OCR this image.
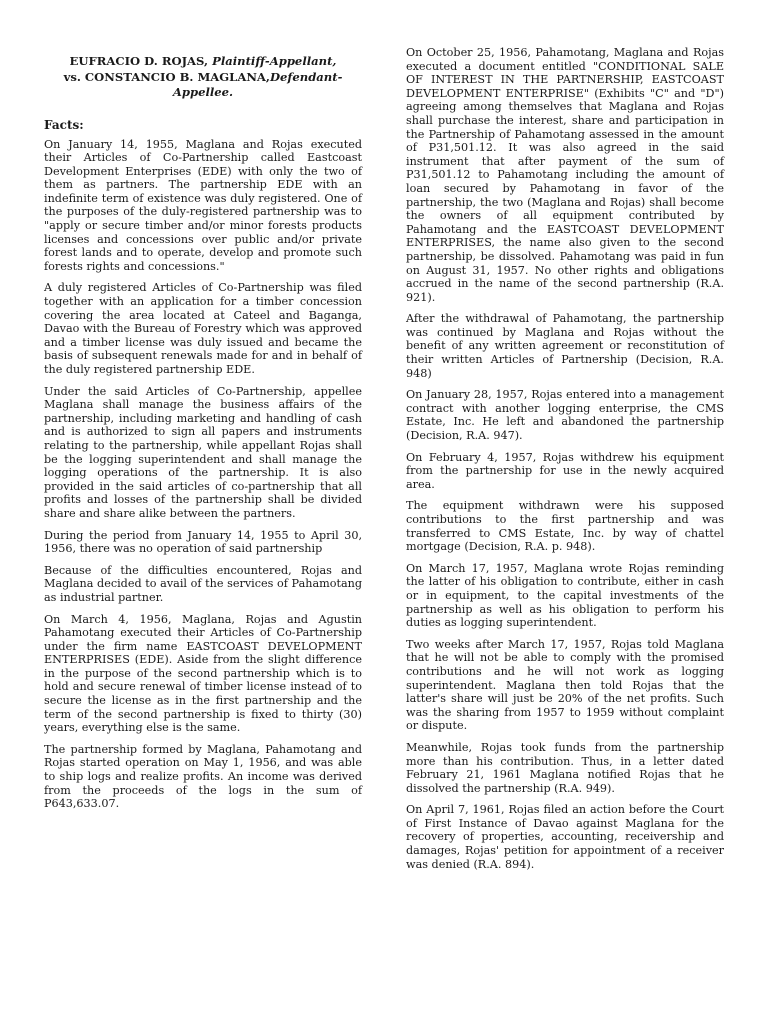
EUFRACIO D. ROJAS, Plaintiff-Appellant,
vs. CONSTANCIO B. MAGLANA,Defendant-Appellee.
Facts:

On January 14, 1955, Maglana and Rojas executed their Articles of Co-Partnership called Eastcoast Development Enterprises (EDE) with only the two of them as partners. The partnership EDE with an indefinite term of existence was duly registered. One of the purposes of the duly-registered partnership was to "apply or secure timber and/or minor forests products licenses and concessions over public and/or private forest lands and to operate, develop and promote such forests rights and concessions."

A duly registered Articles of Co-Partnership was filed together with an application for a timber concession covering the area located at Cateel and Baganga, Davao with the Bureau of Forestry which was approved and a timber license was duly issued and became the basis of subsequent renewals made for and in behalf of the duly registered partnership EDE.

Under the said Articles of Co-Partnership, appellee Maglana shall manage the business affairs of the partnership, including marketing and handling of cash and is authorized to sign all papers and instruments relating to the partnership, while appellant Rojas shall be the logging superintendent and shall manage the logging operations of the partnership. It is also provided in the said articles of co-partnership that all profits and losses of the partnership shall be divided share and share alike between the partners.

During the period from January 14, 1955 to April 30, 1956, there was no operation of said partnership

Because of the difficulties encountered, Rojas and Maglana decided to avail of the services of Pahamotang as industrial partner.

On March 4, 1956, Maglana, Rojas and Agustin Pahamotang executed their Articles of Co-Partnership under the firm name EASTCOAST DEVELOPMENT ENTERPRISES (EDE). Aside from the slight difference in the purpose of the second partnership which is to hold and secure renewal of timber license instead of to secure the license as in the first partnership and the term of the second partnership is fixed to thirty (30) years, everything else is the same.

The partnership formed by Maglana, Pahamotang and Rojas started operation on May 1, 1956, and was able to ship logs and realize profits. An income was derived from the proceeds of the logs in the sum of P643,633.07.

On October 25, 1956, Pahamotang, Maglana and Rojas executed a document entitled "CONDITIONAL SALE OF INTEREST IN THE PARTNERSHIP, EASTCOAST DEVELOPMENT ENTERPRISE" (Exhibits "C" and "D") agreeing among themselves that Maglana and Rojas shall purchase the interest, share and participation in the Partnership of Pahamotang assessed in the amount of P31,501.12. It was also agreed in the said instrument that after payment of the sum of P31,501.12 to Pahamotang including the amount of loan secured by Pahamotang in favor of the partnership, the two (Maglana and Rojas) shall become the owners of all equipment contributed by Pahamotang and the EASTCOAST DEVELOPMENT ENTERPRISES, the name also given to the second partnership, be dissolved. Pahamotang was paid in fun on August 31, 1957. No other rights and obligations accrued in the name of the second partnership (R.A. 921).

After the withdrawal of Pahamotang, the partnership was continued by Maglana and Rojas without the benefit of any written agreement or reconstitution of their written Articles of Partnership (Decision, R.A. 948)

On January 28, 1957, Rojas entered into a management contract with another logging enterprise, the CMS Estate, Inc. He left and abandoned the partnership (Decision, R.A. 947).

On February 4, 1957, Rojas withdrew his equipment from the partnership for use in the newly acquired area.

The equipment withdrawn were his supposed contributions to the first partnership and was transferred to CMS Estate, Inc. by way of chattel mortgage (Decision, R.A. p. 948).

On March 17, 1957, Maglana wrote Rojas reminding the latter of his obligation to contribute, either in cash or in equipment, to the capital investments of the partnership as well as his obligation to perform his duties as logging superintendent.

Two weeks after March 17, 1957, Rojas told Maglana that he will not be able to comply with the promised contributions and he will not work as logging superintendent. Maglana then told Rojas that the latter's share will just be 20% of the net profits. Such was the sharing from 1957 to 1959 without complaint or dispute.

Meanwhile, Rojas took funds from the partnership more than his contribution. Thus, in a letter dated February 21, 1961 Maglana notified Rojas that he dissolved the partnership (R.A. 949).

On April 7, 1961, Rojas filed an action before the Court of First Instance of Davao against Maglana for the recovery of properties, accounting, receivership and damages, Rojas' petition for appointment of a receiver was denied (R.A. 894).
